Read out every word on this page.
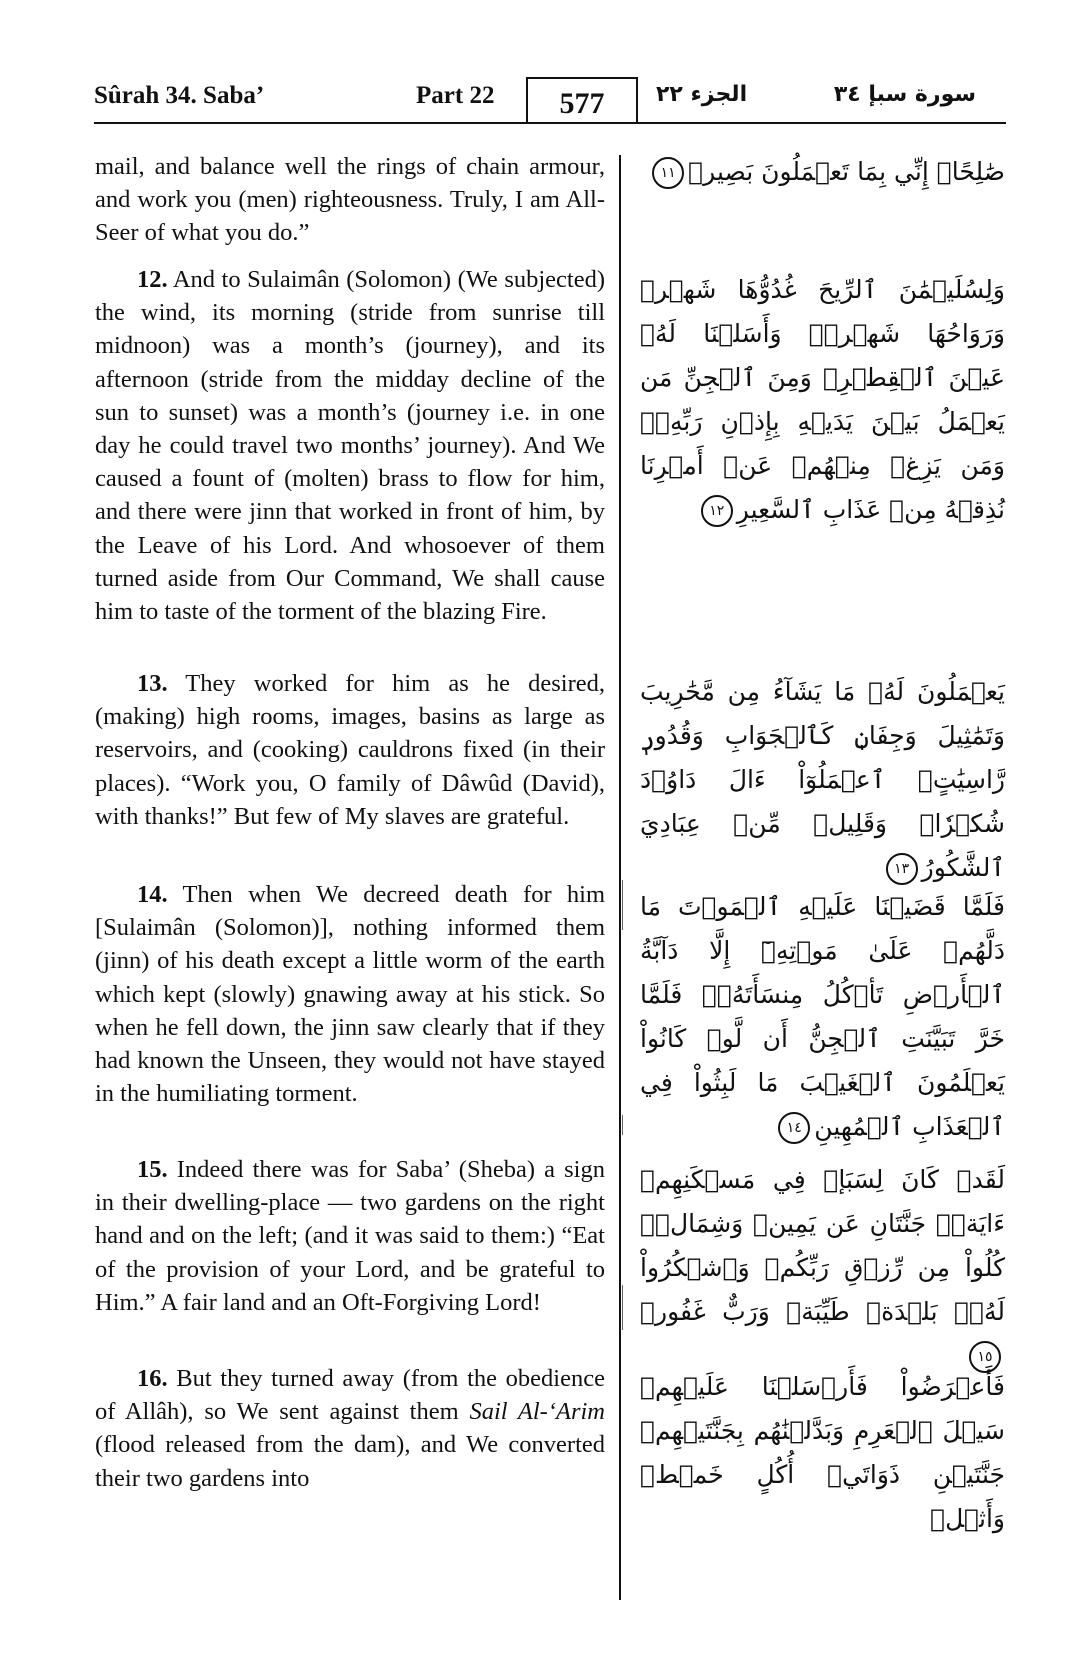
Sûrah 34. Saba’	Part 22	577	الجزء ٢٢	سورة سبإ ٣٤

mail, and balance well the rings of chain armour, and work you (men) righteousness. Truly, I am All-Seer of what you do.”

12. And to Sulaimân (Solomon) (We subjected) the wind, its morning (stride from sunrise till midnoon) was a month’s (journey), and its afternoon (stride from the midday decline of the sun to sunset) was a month’s (journey i.e. in one day he could travel two months’ journey). And We caused a fount of (molten) brass to flow for him, and there were jinn that worked in front of him, by the Leave of his Lord. And whosoever of them turned aside from Our Command, We shall cause him to taste of the torment of the blazing Fire.

13. They worked for him as he desired, (making) high rooms, images, basins as large as reservoirs, and (cooking) cauldrons fixed (in their places). “Work you, O family of Dâwûd (David), with thanks!” But few of My slaves are grateful.

14. Then when We decreed death for him [Sulaimân (Solomon)], nothing informed them (jinn) of his death except a little worm of the earth which kept (slowly) gnawing away at his stick. So when he fell down, the jinn saw clearly that if they had known the Unseen, they would not have stayed in the humiliating torment.

15. Indeed there was for Saba’ (Sheba) a sign in their dwelling-place — two gardens on the right hand and on the left; (and it was said to them:) “Eat of the provision of your Lord, and be grateful to Him.” A fair land and an Oft-Forgiving Lord!

16. But they turned away (from the obedience of Allâh), so We sent against them Sail Al-‘Arim (flood released from the dam), and We converted their two gardens into

صَٰلِحًاۖ إِنِّي بِمَا تَعۡمَلُونَ بَصِيرٞ١١
وَلِسُلَيۡمَٰنَ ٱلرِّيحَ غُدُوُّهَا شَهۡرٞ وَرَوَاحُهَا شَهۡرٞۖ وَأَسَلۡنَا لَهُۥ عَيۡنَ ٱلۡقِطۡرِۖ وَمِنَ ٱلۡجِنِّ مَن يَعۡمَلُ بَيۡنَ يَدَيۡهِ بِإِذۡنِ رَبِّهِۦۖ وَمَن يَزِغۡ مِنۡهُمۡ عَنۡ أَمۡرِنَا نُذِقۡهُ مِنۡ عَذَابِ ٱلسَّعِيرِ١٢
يَعۡمَلُونَ لَهُۥ مَا يَشَآءُ مِن مَّحَٰرِيبَ وَتَمَٰثِيلَ وَجِفَانٖ كَٱلۡجَوَابِ وَقُدُورٖ رَّاسِيَٰتٍۚ ٱعۡمَلُوٓاْ ءَالَ دَاوُۥدَ شُكۡرٗاۚ وَقَلِيلٞ مِّنۡ عِبَادِيَ ٱلشَّكُورُ١٣
فَلَمَّا قَضَيۡنَا عَلَيۡهِ ٱلۡمَوۡتَ مَا دَلَّهُمۡ عَلَىٰ مَوۡتِهِۦٓ إِلَّا دَآبَّةُ ٱلۡأَرۡضِ تَأۡكُلُ مِنسَأَتَهُۥۖ فَلَمَّا خَرَّ تَبَيَّنَتِ ٱلۡجِنُّ أَن لَّوۡ كَانُواْ يَعۡلَمُونَ ٱلۡغَيۡبَ مَا لَبِثُواْ فِي ٱلۡعَذَابِ ٱلۡمُهِينِ١٤
لَقَدۡ كَانَ لِسَبَإٖ فِي مَسۡكَنِهِمۡ ءَايَةٞۖ جَنَّتَانِ عَن يَمِينٖ وَشِمَالٖۖ كُلُواْ مِن رِّزۡقِ رَبِّكُمۡ وَٱشۡكُرُواْ لَهُۥۚ بَلۡدَةٞ طَيِّبَةٞ وَرَبٌّ غَفُورٞ١٥
فَأَعۡرَضُواْ فَأَرۡسَلۡنَا عَلَيۡهِمۡ سَيۡلَ ٱلۡعَرِمِ وَبَدَّلۡنَٰهُم بِجَنَّتَيۡهِمۡ جَنَّتَيۡنِ ذَوَاتَيۡ أُكُلٍ خَمۡطٖ وَأَثۡلٖ
